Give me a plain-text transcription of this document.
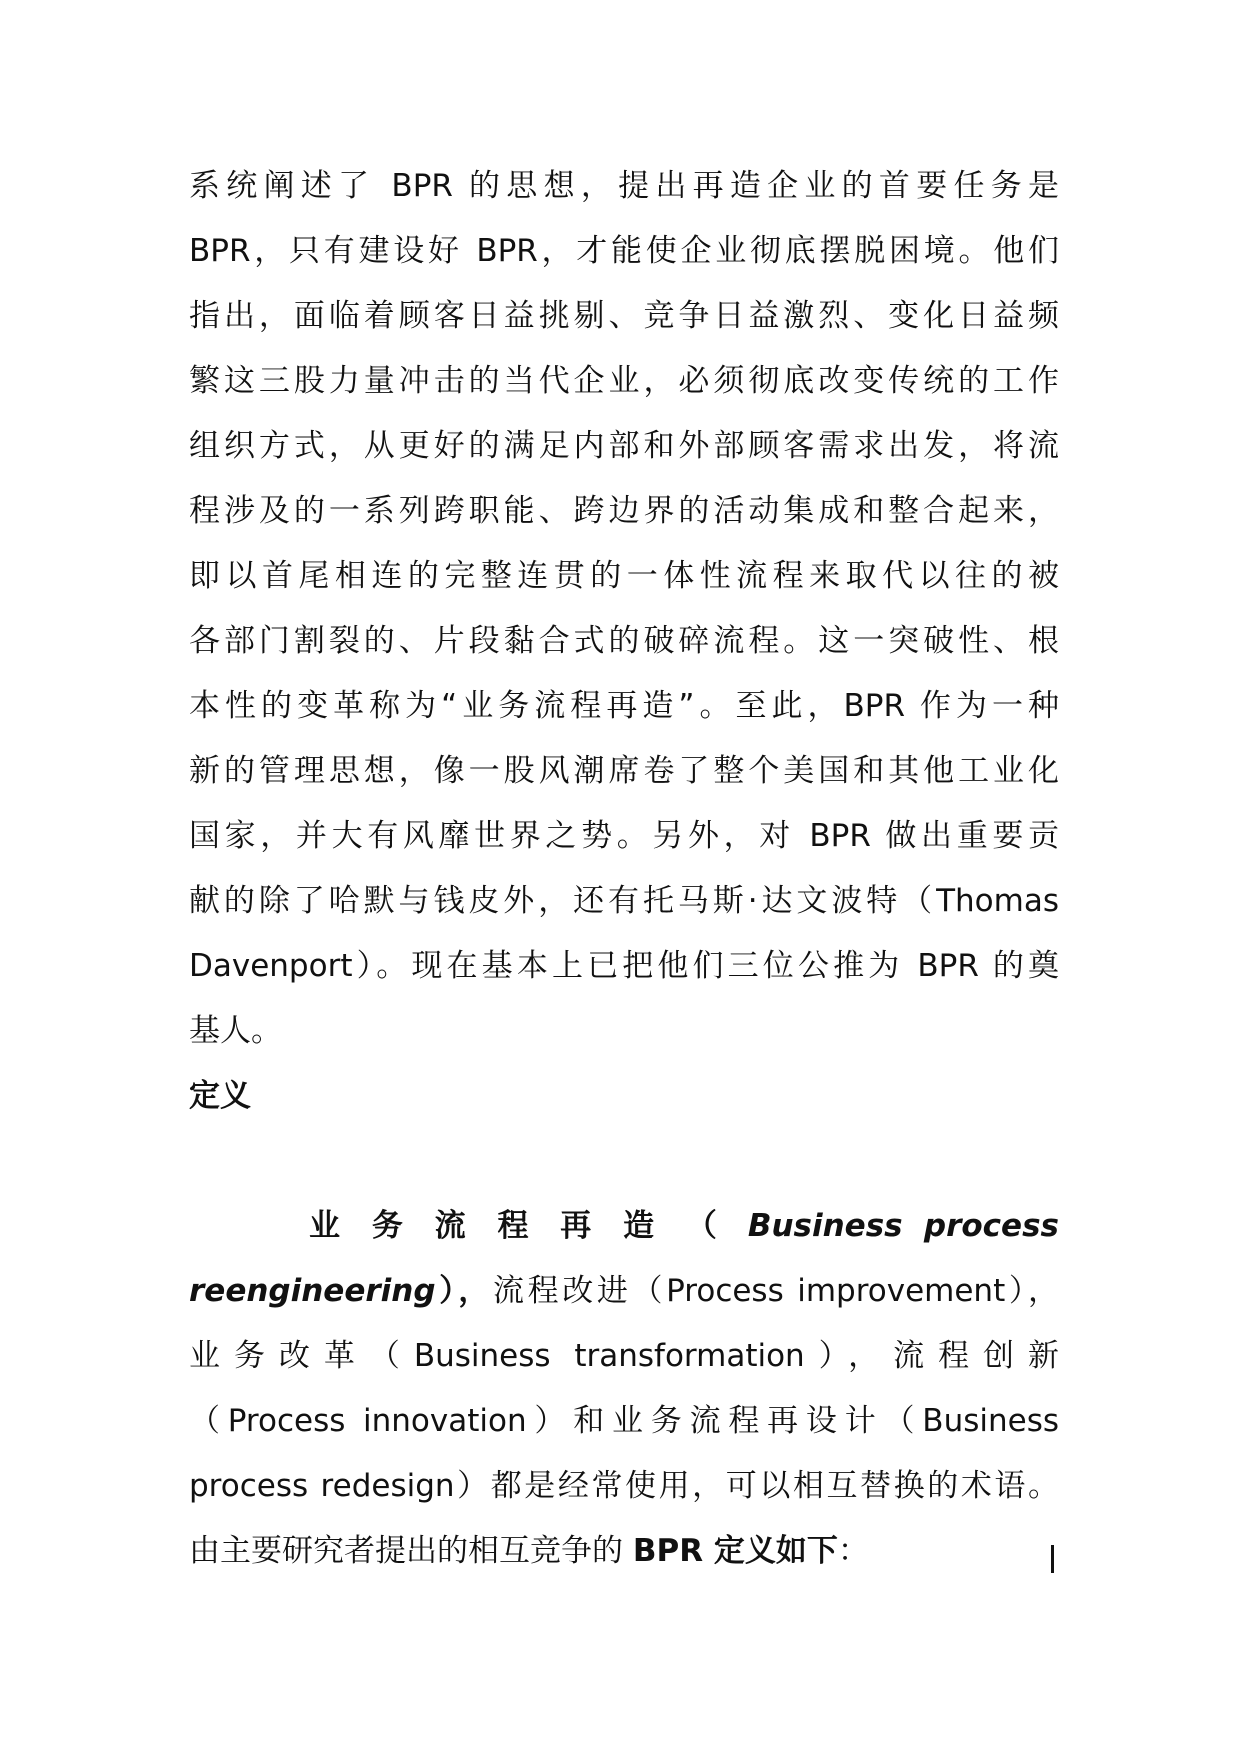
系统阐述了 BPR 的思想，提出再造企业的首要任务是
BPR，只有建设好 BPR，才能使企业彻底摆脱困境。他们
指出，面临着顾客日益挑剔、竞争日益激烈、变化日益频
繁这三股力量冲击的当代企业，必须彻底改变传统的工作
组织方式，从更好的满足内部和外部顾客需求出发，将流
程涉及的一系列跨职能、跨边界的活动集成和整合起来，
即以首尾相连的完整连贯的一体性流程来取代以往的被
各部门割裂的、片段黏合式的破碎流程。这一突破性、根
本性的变革称为“业务流程再造”。至此，BPR 作为一种
新的管理思想，像一股风潮席卷了整个美国和其他工业化
国家，并大有风靡世界之势。另外，对 BPR 做出重要贡
献的除了哈默与钱皮外，还有托马斯·达文波特（Thomas
Davenport）。现在基本上已把他们三位公推为 BPR 的奠
基人。
定义
业 务 流 程 再 造 （ Business process
reengineering），流程改进（Process improvement），
业务改革（Business transformation），流程创新
（Process innovation）和业务流程再设计（Business
process redesign）都是经常使用，可以相互替换的术语。
由主要研究者提出的相互竞争的 BPR 定义如下：
